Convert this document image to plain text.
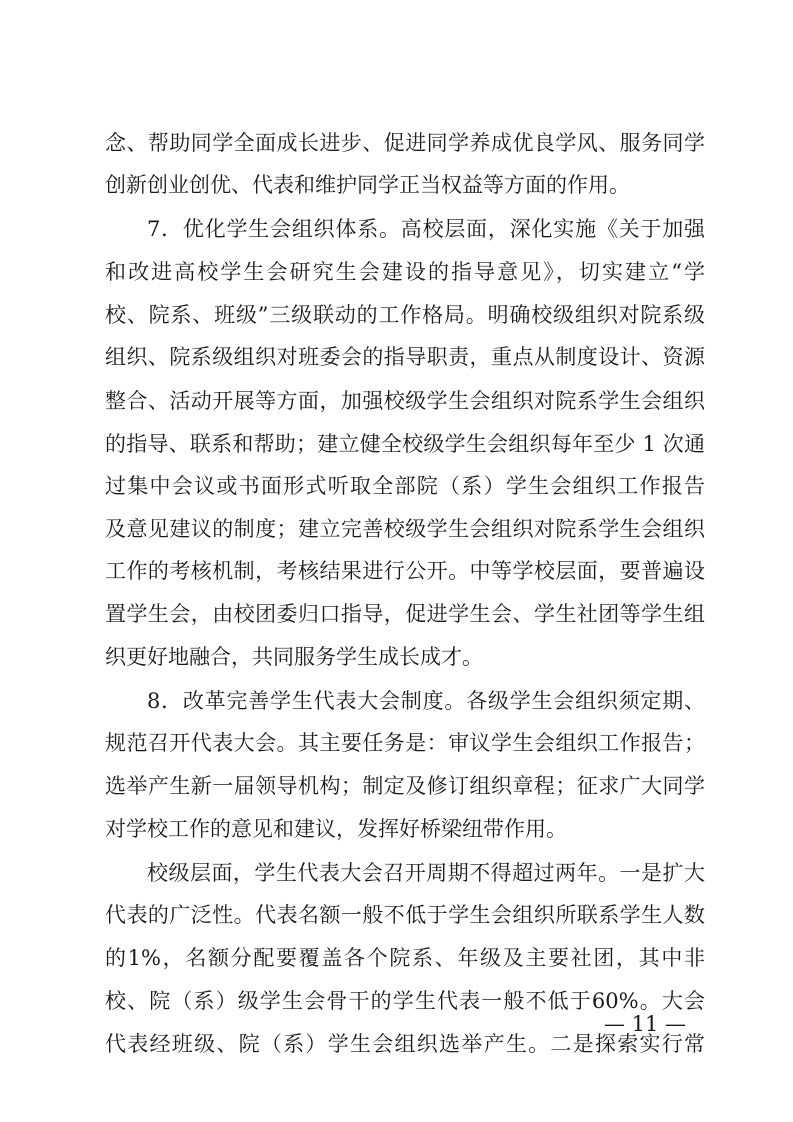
念、帮助同学全面成长进步、促进同学养成优良学风、服务同学
创新创业创优、代表和维护同学正当权益等方面的作用。
7．优化学生会组织体系。高校层面，深化实施《关于加强
和改进高校学生会研究生会建设的指导意见》，切实建立“学
校、院系、班级”三级联动的工作格局。明确校级组织对院系级
组织、院系级组织对班委会的指导职责，重点从制度设计、资源
整合、活动开展等方面，加强校级学生会组织对院系学生会组织
的指导、联系和帮助；建立健全校级学生会组织每年至少 1 次通
过集中会议或书面形式听取全部院（系）学生会组织工作报告
及意见建议的制度；建立完善校级学生会组织对院系学生会组织
工作的考核机制，考核结果进行公开。中等学校层面，要普遍设
置学生会，由校团委归口指导，促进学生会、学生社团等学生组
织更好地融合，共同服务学生成长成才。
8．改革完善学生代表大会制度。各级学生会组织须定期、
规范召开代表大会。其主要任务是：审议学生会组织工作报告；
选举产生新一届领导机构；制定及修订组织章程；征求广大同学
对学校工作的意见和建议，发挥好桥梁纽带作用。
校级层面，学生代表大会召开周期不得超过两年。一是扩大
代表的广泛性。代表名额一般不低于学生会组织所联系学生人数
的1%，名额分配要覆盖各个院系、年级及主要社团，其中非
校、院（系）级学生会骨干的学生代表一般不低于60%。大会
代表经班级、院（系）学生会组织选举产生。二是探索实行常
— 11 —
